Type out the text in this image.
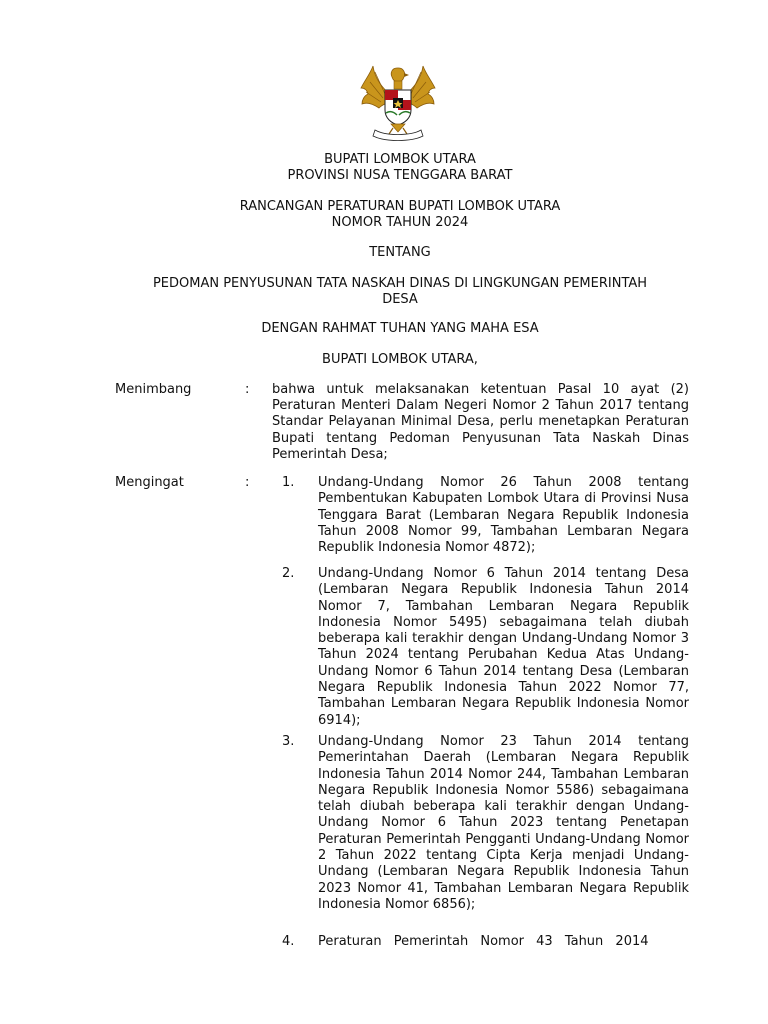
BUPATI LOMBOK UTARA
PROVINSI NUSA TENGGARA BARAT
RANCANGAN PERATURAN BUPATI LOMBOK UTARA
NOMOR TAHUN 2024
TENTANG
PEDOMAN PENYUSUNAN TATA NASKAH DINAS DI LINGKUNGAN PEMERINTAH
DESA
DENGAN RAHMAT TUHAN YANG MAHA ESA
BUPATI LOMBOK UTARA,
Menimbang	: bahwa untuk melaksanakan ketentuan Pasal 10 ayat (2) Peraturan Menteri Dalam Negeri Nomor 2 Tahun 2017 tentang Standar Pelayanan Minimal Desa, perlu menetapkan Peraturan Bupati tentang Pedoman Penyusunan Tata Naskah Dinas Pemerintah Desa;
Mengingat	:	1.	Undang-Undang Nomor 26 Tahun 2008 tentang Pembentukan Kabupaten Lombok Utara di Provinsi Nusa Tenggara Barat (Lembaran Negara Republik Indonesia Tahun 2008 Nomor 99, Tambahan Lembaran Negara Republik Indonesia Nomor 4872);
2.	Undang-Undang Nomor 6 Tahun 2014 tentang Desa (Lembaran Negara Republik Indonesia Tahun 2014 Nomor 7, Tambahan Lembaran Negara Republik Indonesia Nomor 5495) sebagaimana telah diubah beberapa kali terakhir dengan Undang-Undang Nomor 3 Tahun 2024 tentang Perubahan Kedua Atas Undang-Undang Nomor 6 Tahun 2014 tentang Desa (Lembaran Negara Republik Indonesia Tahun 2022 Nomor 77, Tambahan Lembaran Negara Republik Indonesia Nomor 6914);
3.	Undang-Undang Nomor 23 Tahun 2014 tentang Pemerintahan Daerah (Lembaran Negara Republik Indonesia Tahun 2014 Nomor 244, Tambahan Lembaran Negara Republik Indonesia Nomor 5586) sebagaimana telah diubah beberapa kali terakhir dengan Undang-Undang Nomor 6 Tahun 2023 tentang Penetapan Peraturan Pemerintah Pengganti Undang-Undang Nomor 2 Tahun 2022 tentang Cipta Kerja menjadi Undang-Undang (Lembaran Negara Republik Indonesia Tahun 2023 Nomor 41, Tambahan Lembaran Negara Republik Indonesia Nomor 6856);
4.	Peraturan Pemerintah Nomor 43 Tahun 2014
